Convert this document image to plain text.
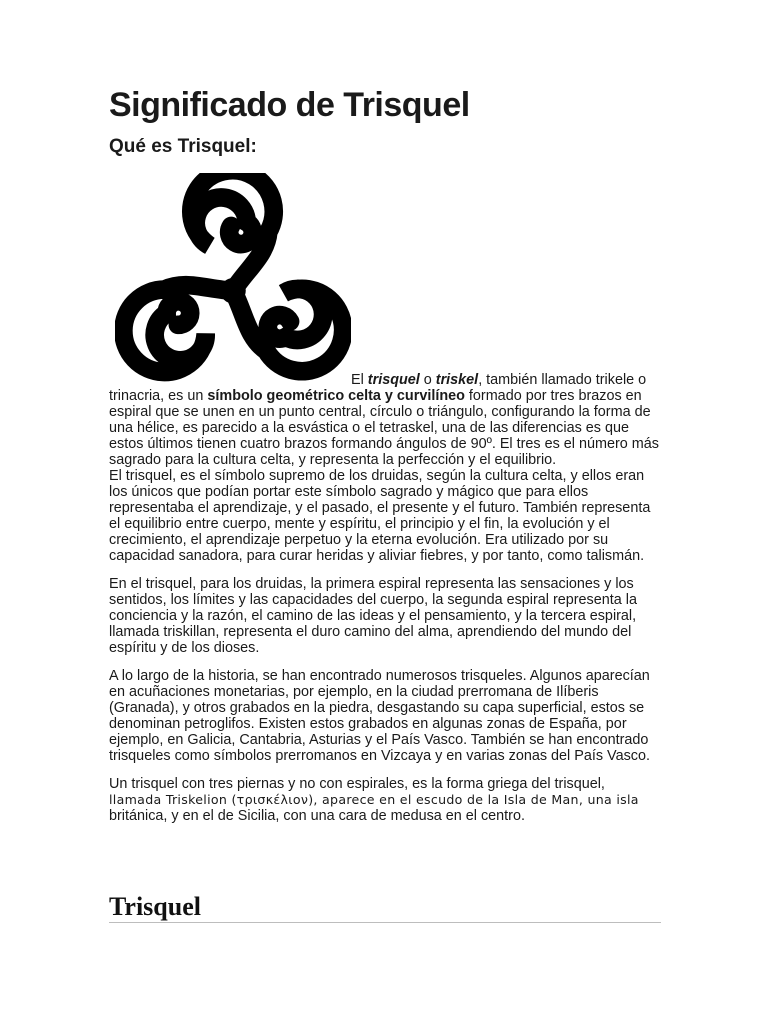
Significado de Trisquel
Qué es Trisquel:

El trisquel o triskel, también llamado trikele o trinacria, es un símbolo geométrico celta y curvilíneo formado por tres brazos en espiral que se unen en un punto central, círculo o triángulo, configurando la forma de una hélice, es parecido a la esvástica o el tetraskel, una de las diferencias es que estos últimos tienen cuatro brazos formando ángulos de 90º. El tres es el número más sagrado para la cultura celta, y representa la perfección y el equilibrio.

El trisquel, es el símbolo supremo de los druidas, según la cultura celta, y ellos eran los únicos que podían portar este símbolo sagrado y mágico que para ellos representaba el aprendizaje, y el pasado, el presente y el futuro. También representa el equilibrio entre cuerpo, mente y espíritu, el principio y el fin, la evolución y el crecimiento, el aprendizaje perpetuo y la eterna evolución. Era utilizado por su capacidad sanadora, para curar heridas y aliviar fiebres, y por tanto, como talismán.

En el trisquel, para los druidas, la primera espiral representa las sensaciones y los sentidos, los límites y las capacidades del cuerpo, la segunda espiral representa la conciencia y la razón, el camino de las ideas y el pensamiento, y la tercera espiral, llamada triskillan, representa el duro camino del alma, aprendiendo del mundo del espíritu y de los dioses.

A lo largo de la historia, se han encontrado numerosos trisqueles. Algunos aparecían en acuñaciones monetarias, por ejemplo, en la ciudad prerromana de Ilíberis (Granada), y otros grabados en la piedra, desgastando su capa superficial, estos se denominan petroglifos. Existen estos grabados en algunas zonas de España, por ejemplo, en Galicia, Cantabria, Asturias y el País Vasco. También se han encontrado trisqueles como símbolos prerromanos en Vizcaya y en varias zonas del País Vasco.

Un trisquel con tres piernas y no con espirales, es la forma griega del trisquel, llamada Triskelion (τρισκέλιον), aparece en el escudo de la Isla de Man, una isla británica, y en el de Sicilia, con una cara de medusa en el centro.

Trisquel
